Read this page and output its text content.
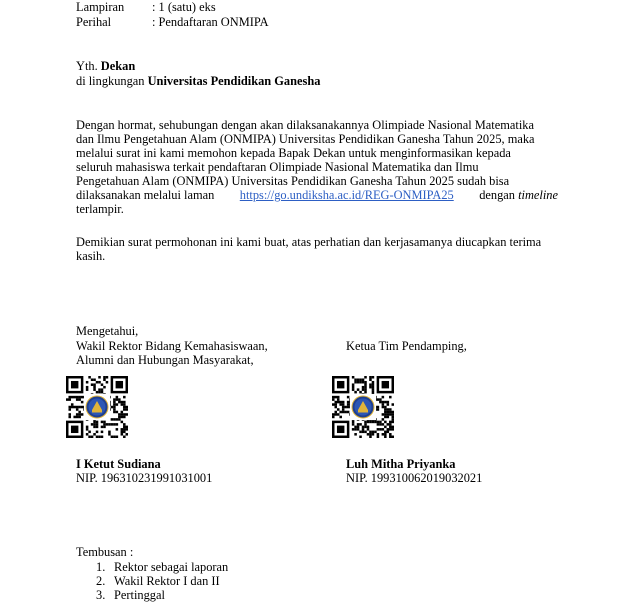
Lampiran : 1 (satu) eks
Perihal	: Pendaftaran ONMIPA
Yth. Dekan
di lingkungan Universitas Pendidikan Ganesha
Dengan hormat, sehubungan dengan akan dilaksanakannya Olimpiade Nasional Matematika
dan Ilmu Pengetahuan Alam (ONMIPA) Universitas Pendidikan Ganesha Tahun 2025, maka
melalui surat ini kami memohon kepada Bapak Dekan untuk menginformasikan kepada
seluruh mahasiswa terkait pendaftaran Olimpiade Nasional Matematika dan Ilmu
Pengetahuan Alam (ONMIPA) Universitas Pendidikan Ganesha Tahun 2025 sudah bisa
dilaksanakan melalui laman https://go.undiksha.ac.id/REG-ONMIPA25 dengan timeline
terlampir.
Demikian surat permohonan ini kami buat, atas perhatian dan kerjasamanya diucapkan terima
kasih.
Mengetahui,
Wakil Rektor Bidang Kemahasiswaan,
Alumni dan Hubungan Masyarakat,
Ketua Tim Pendamping,
I Ketut Sudiana
NIP. 196310231991031001
Luh Mitha Priyanka
NIP. 199310062019032021
Tembusan :
1. Rektor sebagai laporan
2. Wakil Rektor I dan II
3. Pertinggal
